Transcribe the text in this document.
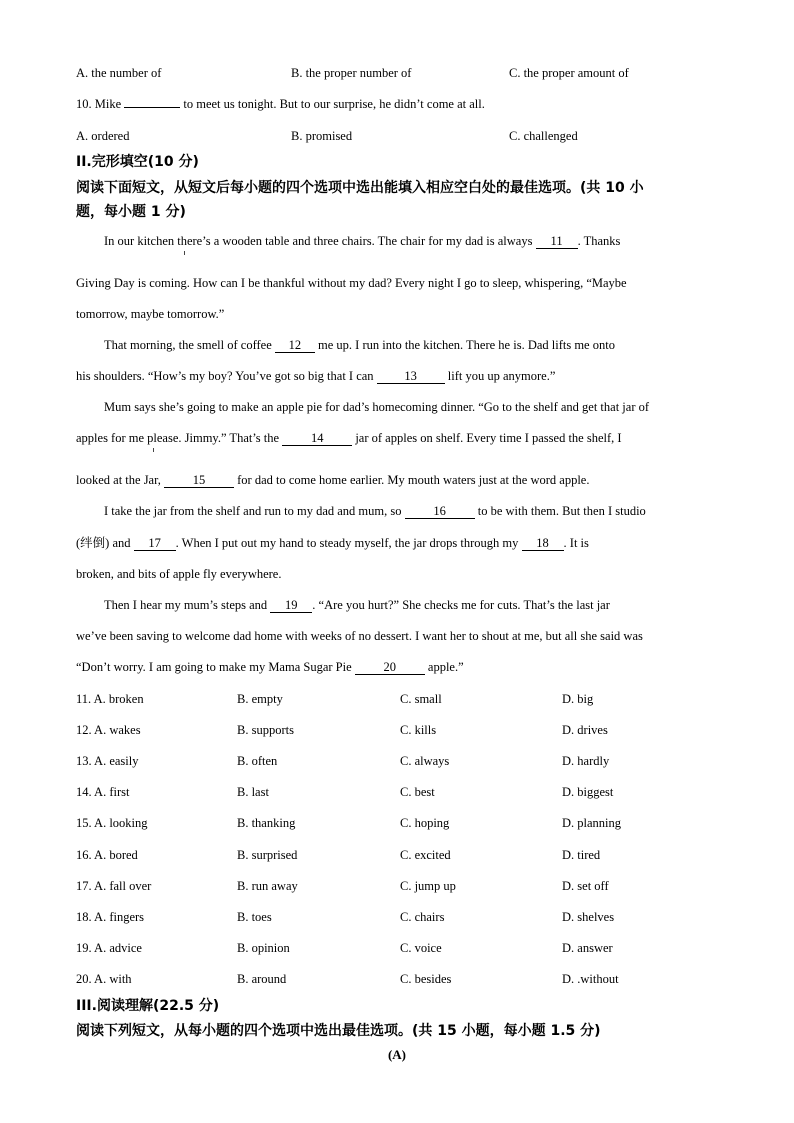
A. the number of	B. the proper number of	C. the proper amount of
10. Mike	to meet us tonight. But to our surprise, he didn’t come at all.
A. ordered	B. promised	C. challenged
II.完形填空(10 分)
阅读下面短文，从短文后每小题的四个选项中选出能填入相应空白处的最佳选项。(共 10 小
题，每小题 1 分)
In our kitchen there’s a wooden table and three chairs. The chair for my dad is always 11 . Thanks
Giving Day is coming. How can I be thankful without my dad? Every night I go to sleep, whispering, “Maybe
tomorrow, maybe tomorrow.”
That morning, the smell of coffee 12 me up. I run into the kitchen. There he is. Dad lifts me onto
his shoulders. “How’s my boy? You’ve got so big that I can 13 lift you up anymore.”
Mum says she’s going to make an apple pie for dad’s homecoming dinner. “Go to the shelf and get that jar of
apples for me please. Jimmy.” That’s the 14 jar of apples on shelf. Every time I passed the shelf, I
looked at the Jar, 15 for dad to come home earlier. My mouth waters just at the word apple.
I take the jar from the shelf and run to my dad and mum, so 16 to be with them. But then I studio
(绊倒) and 17 . When I put out my hand to steady myself, the jar drops through my 18 . It is
broken, and bits of apple fly everywhere.
Then I hear my mum’s steps and 19 . “Are you hurt?” She checks me for cuts. That’s the last jar
we’ve been saving to welcome dad home with weeks of no dessert. I want her to shout at me, but all she said was
“Don’t worry. I am going to make my Mama Sugar Pie 20 apple.”
11. A. broken	B. empty	C. small	D. big
12. A. wakes	B. supports	C. kills	D. drives
13. A. easily	B. often	C. always	D. hardly
14. A. first	B. last	C. best	D. biggest
15. A. looking	B. thanking	C. hoping	D. planning
16. A. bored	B. surprised	C. excited	D. tired
17. A. fall over	B. run away	C. jump up	D. set off
18. A. fingers	B. toes	C. chairs	D. shelves
19. A. advice	B. opinion	C. voice	D. answer
20. A. with	B. around	C. besides	D. .without
III.阅读理解(22.5 分)
阅读下列短文，从每小题的四个选项中选出最佳选项。(共 15 小题，每小题 1.5 分)
(A)
